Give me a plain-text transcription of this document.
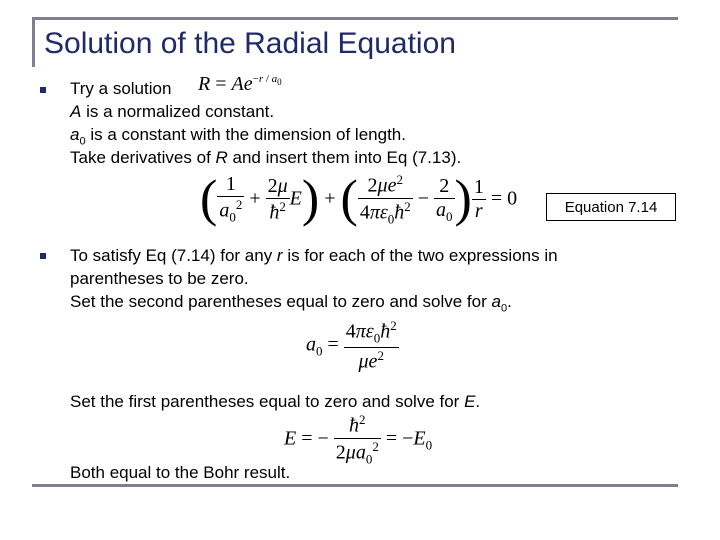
Solution of the Radial Equation
Try a solution $R = Ae^{-r / a_0}$
A is a normalized constant.
$a_0$ is a constant with the dimension of length.
Take derivatives of R and insert them into Eq (7.13).
( $\frac{1}{a_0^2} + \frac{2\mu}{ħ^2} E$) + ( $\frac{2\mu e^2}{4\pi\varepsilon_0ħ^2} - \frac{2}{a_0}$ ) $\frac{1}{r} = 0$	Equation 7.14
To satisfy Eq (7.14) for any r is for each of the two expressions in
parentheses to be zero.
Set the second parentheses equal to zero and solve for $a_0$.
$a_0 = \frac{4\pi\varepsilon_0ħ^2}{\mu e^2}$
Set the first parentheses equal to zero and solve for E.
E = − $\frac{ħ^2}{2\mu a_0^2} = -E_0$
Both equal to the Bohr result.
